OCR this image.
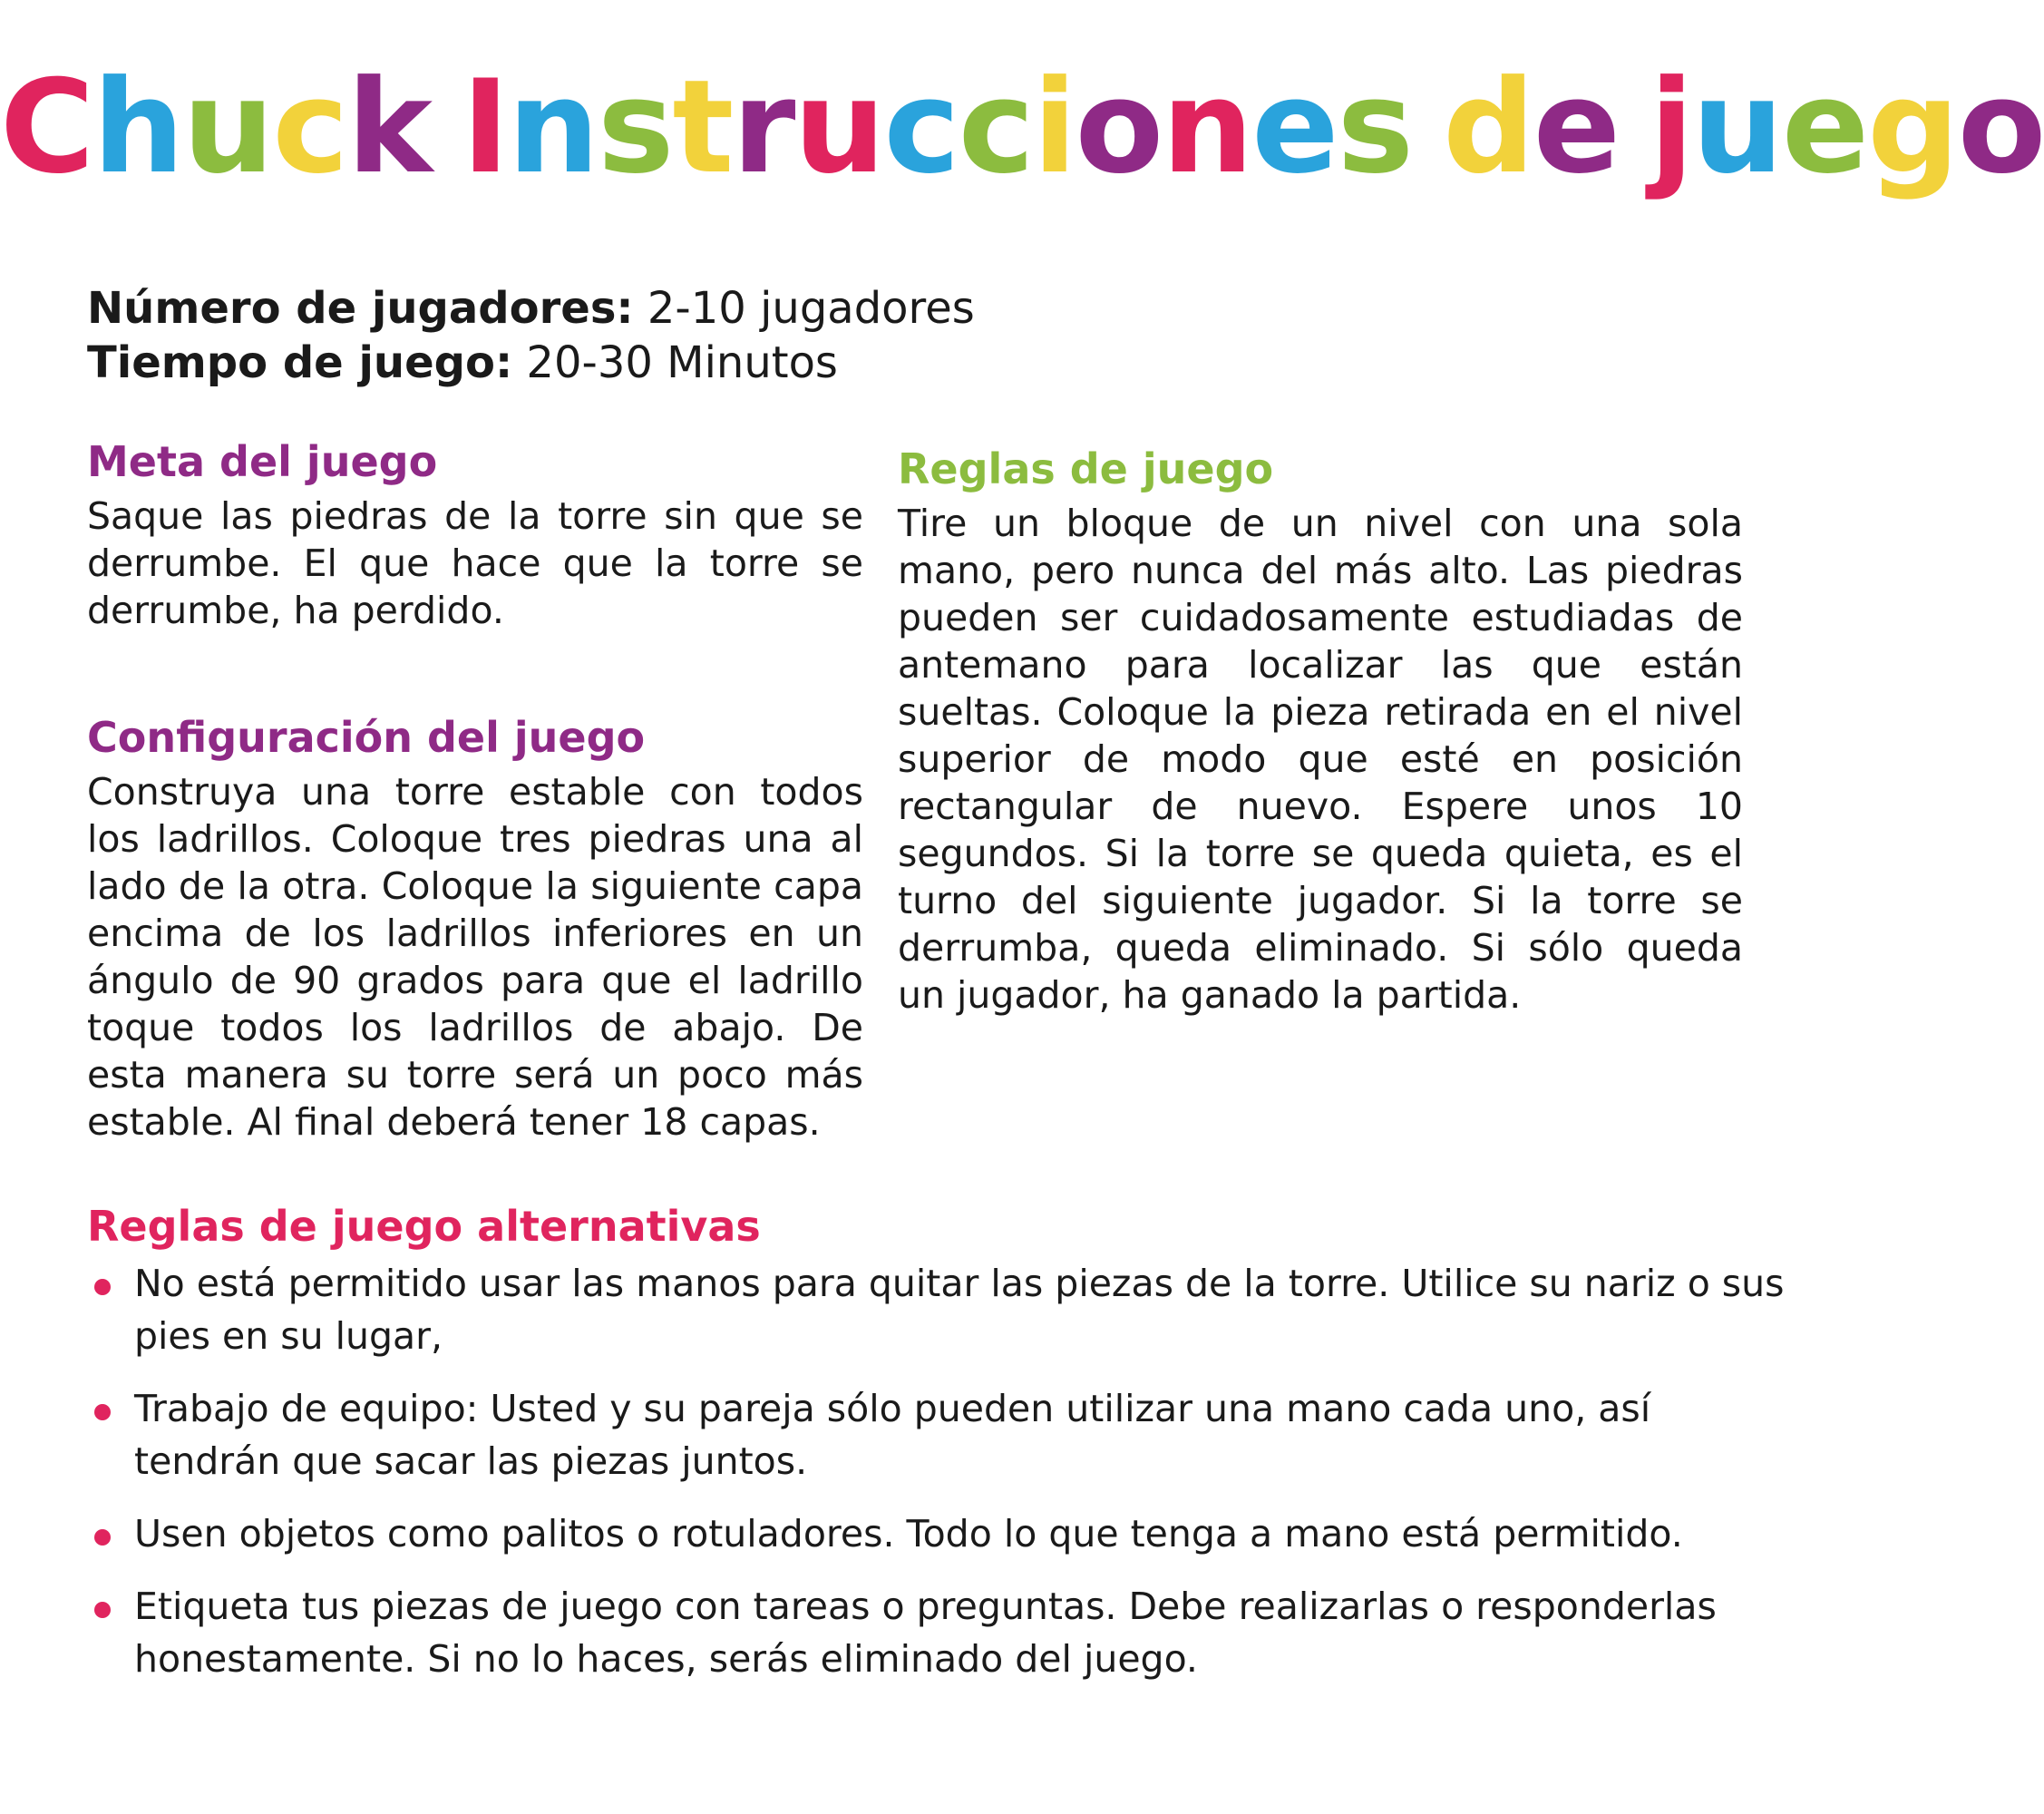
Chuck Instrucciones de juego
Número de jugadores: 2-10 jugadores
Tiempo de juego: 20-30 Minutos
Meta del juego

Saque las piedras de la torre sin que se derrumbe. El que hace que la torre se derrumbe, ha perdido.

Configuración del juego

Construya una torre estable con todos los ladrillos. Coloque tres piedras una al lado de la otra. Coloque la siguiente capa encima de los ladrillos inferiores en un ángulo de 90 grados para que el ladrillo toque todos los ladrillos de abajo. De esta manera su torre será un poco más estable. Al final deberá tener 18 capas.

Reglas de juego

Tire un bloque de un nivel con una sola mano, pero nunca del más alto. Las piedras pueden ser cuidadosamente estudiadas de antemano para localizar las que están sueltas. Coloque la pieza retirada en el nivel superior de modo que esté en posición rectangular de nuevo. Espere unos 10 segundos. Si la torre se queda quieta, es el turno del siguiente jugador. Si la torre se derrumba, queda eliminado. Si sólo queda un jugador, ha ganado la partida.

Reglas de juego alternativas
No está permitido usar las manos para quitar las piezas de la torre. Utilice su nariz o sus pies en su lugar,
Trabajo de equipo: Usted y su pareja sólo pueden utilizar una mano cada uno, así tendrán que sacar las piezas juntos.
Usen objetos como palitos o rotuladores. Todo lo que tenga a mano está permitido.
Etiqueta tus piezas de juego con tareas o preguntas. Debe realizarlas o responderlas honestamente. Si no lo haces, serás eliminado del juego.
